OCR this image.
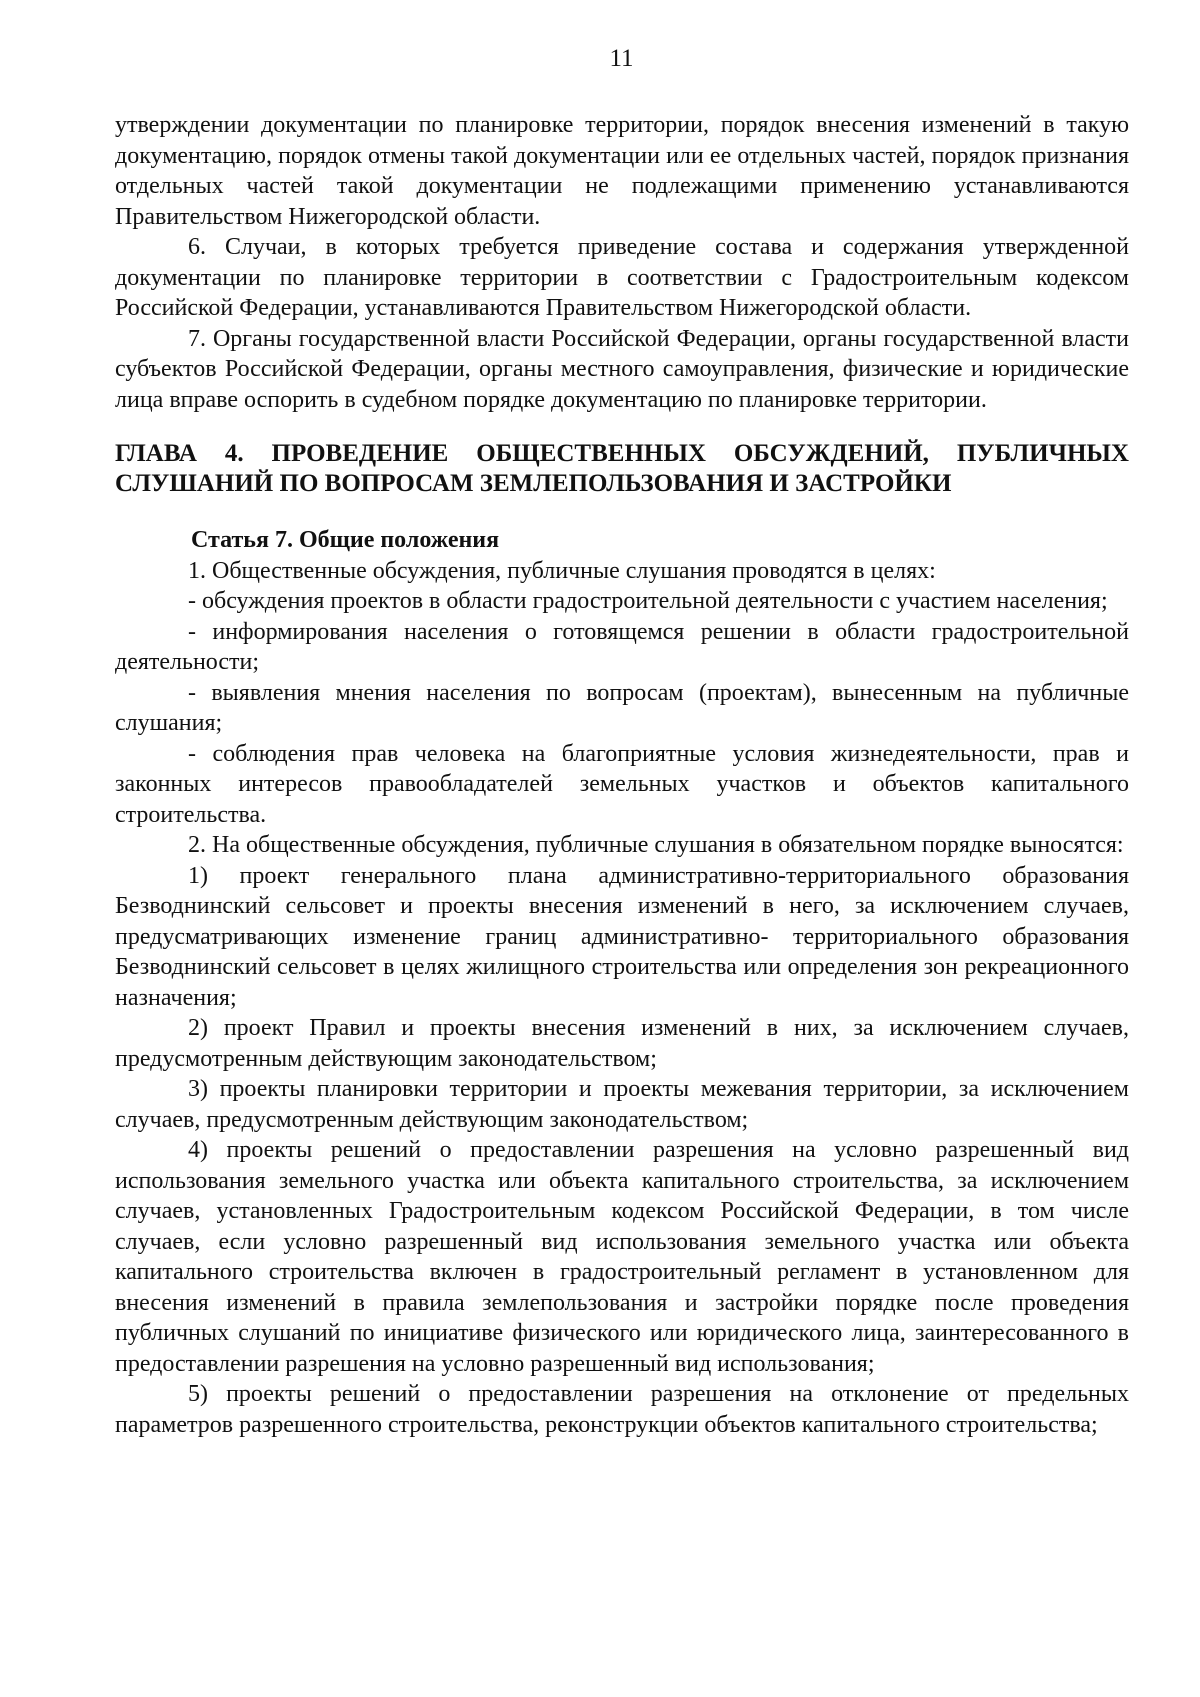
11

утверждении документации по планировке территории, порядок внесения изменений в такую документацию, порядок отмены такой документации или ее отдельных частей, порядок признания отдельных частей такой документации не подлежащими применению устанавливаются Правительством Нижегородской области.

6. Случаи, в которых требуется приведение состава и содержания утвержденной документации по планировке территории в соответствии с Градостроительным кодексом Российской Федерации, устанавливаются Правительством Нижегородской области.

7. Органы государственной власти Российской Федерации, органы государственной власти субъектов Российской Федерации, органы местного самоуправления, физические и юридические лица вправе оспорить в судебном порядке документацию по планировке территории.

ГЛАВА 4. ПРОВЕДЕНИЕ ОБЩЕСТВЕННЫХ ОБСУЖДЕНИЙ, ПУБЛИЧНЫХ СЛУШАНИЙ ПО ВОПРОСАМ ЗЕМЛЕПОЛЬЗОВАНИЯ И ЗАСТРОЙКИ

Статья 7. Общие положения

1. Общественные обсуждения, публичные слушания проводятся в целях:

- обсуждения проектов в области градостроительной деятельности с участием населения;

- информирования населения о готовящемся решении в области градостроительной деятельности;

- выявления мнения населения по вопросам (проектам), вынесенным на публичные слушания;

- соблюдения прав человека на благоприятные условия жизнедеятельности, прав и законных интересов правообладателей земельных участков и объектов капитального строительства.

2. На общественные обсуждения, публичные слушания в обязательном порядке выносятся:

1) проект генерального плана административно-территориального образования Безводнинский сельсовет и проекты внесения изменений в него, за исключением случаев, предусматривающих изменение границ административно- территориального образования Безводнинский сельсовет в целях жилищного строительства или определения зон рекреационного назначения;

2) проект Правил и проекты внесения изменений в них, за исключением случаев, предусмотренным действующим законодательством;

3) проекты планировки территории и проекты межевания территории, за исключением случаев, предусмотренным действующим законодательством;

4) проекты решений о предоставлении разрешения на условно разрешенный вид использования земельного участка или объекта капитального строительства, за исключением случаев, установленных Градостроительным кодексом Российской Федерации, в том числе случаев, если условно разрешенный вид использования земельного участка или объекта капитального строительства включен в градостроительный регламент в установленном для внесения изменений в правила землепользования и застройки порядке после проведения публичных слушаний по инициативе физического или юридического лица, заинтересованного в предоставлении разрешения на условно разрешенный вид использования;

5) проекты решений о предоставлении разрешения на отклонение от предельных параметров разрешенного строительства, реконструкции объектов капитального строительства;
